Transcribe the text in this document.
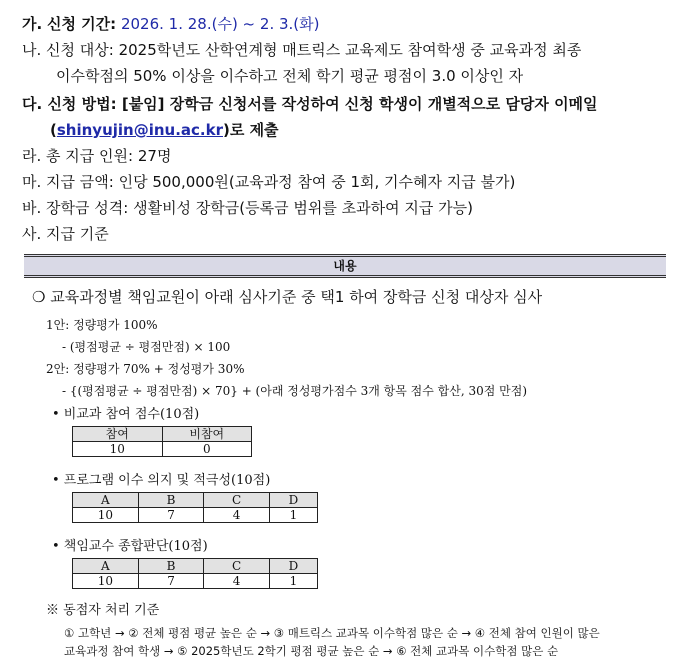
가. 신청 기간: 2026. 1. 28.(수) ~ 2. 3.(화)
나. 신청 대상: 2025학년도 산학연계형 매트릭스 교육제도 참여학생 중 교육과정 최종
이수학점의 50% 이상을 이수하고 전체 학기 평균 평점이 3.0 이상인 자
다. 신청 방법: [붙임] 장학금 신청서를 작성하여 신청 학생이 개별적으로 담당자 이메일
(shinyujin@inu.ac.kr)로 제출
라. 총 지급 인원: 27명
마. 지급 금액: 인당 500,000원(교육과정 참여 중 1회, 기수혜자 지급 불가)
바. 장학금 성격: 생활비성 장학금(등록금 범위를 초과하여 지급 가능)
사. 지급 기준
내용
❍ 교육과정별 책임교원이 아래 심사기준 중 택1 하여 장학금 신청 대상자 심사
1안: 정량평가 100%
- (평점평균 ÷ 평점만점) × 100
2안: 정량평가 70% + 정성평가 30%
- {(평점평균 ÷ 평점만점) × 70} + (아래 정성평가점수 3개 항목 점수 합산, 30점 만점)
• 비교과 참여 점수(10점)
참여	비참여
10	0
• 프로그램 이수 의지 및 적극성(10점)
A	B	C	D
10	7	4	1
• 책임교수 종합판단(10점)
A	B	C	D
10	7	4	1
※ 동점자 처리 기준
① 고학년 → ② 전체 평점 평균 높은 순 → ③ 매트릭스 교과목 이수학점 많은 순 → ④ 전체 참여 인원이 많은
교육과정 참여 학생 → ⑤ 2025학년도 2학기 평점 평균 높은 순 → ⑥ 전체 교과목 이수학점 많은 순
